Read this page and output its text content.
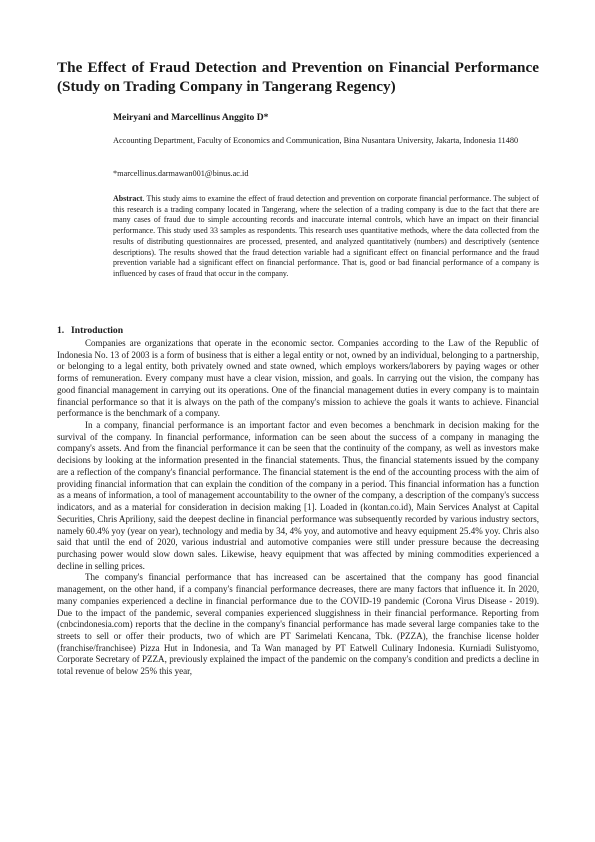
The Effect of Fraud Detection and Prevention on Financial Performance (Study on Trading Company in Tangerang Regency)
Meiryani and Marcellinus Anggito D*
Accounting Department, Faculty of Economics and Communication, Bina Nusantara University, Jakarta, Indonesia 11480
*marcellinus.darmawan001@binus.ac.id

Abstract. This study aims to examine the effect of fraud detection and prevention on corporate financial performance. The subject of this research is a trading company located in Tangerang, where the selection of a trading company is due to the fact that there are many cases of fraud due to simple accounting records and inaccurate internal controls, which have an impact on their financial performance. This study used 33 samples as respondents. This research uses quantitative methods, where the data collected from the results of distributing questionnaires are processed, presented, and analyzed quantitatively (numbers) and descriptively (sentence descriptions). The results showed that the fraud detection variable had a significant effect on financial performance and the fraud prevention variable had a significant effect on financial performance. That is, good or bad financial performance of a company is influenced by cases of fraud that occur in the company.

1. Introduction

Companies are organizations that operate in the economic sector. Companies according to the Law of the Republic of Indonesia No. 13 of 2003 is a form of business that is either a legal entity or not, owned by an individual, belonging to a partnership, or belonging to a legal entity, both privately owned and state owned, which employs workers/laborers by paying wages or other forms of remuneration. Every company must have a clear vision, mission, and goals. In carrying out the vision, the company has good financial management in carrying out its operations. One of the financial management duties in every company is to maintain financial performance so that it is always on the path of the company's mission to achieve the goals it wants to achieve. Financial performance is the benchmark of a company.

In a company, financial performance is an important factor and even becomes a benchmark in decision making for the survival of the company. In financial performance, information can be seen about the success of a company in managing the company's assets. And from the financial performance it can be seen that the continuity of the company, as well as investors make decisions by looking at the information presented in the financial statements. Thus, the financial statements issued by the company are a reflection of the company's financial performance. The financial statement is the end of the accounting process with the aim of providing financial information that can explain the condition of the company in a period. This financial information has a function as a means of information, a tool of management accountability to the owner of the company, a description of the company's success indicators, and as a material for consideration in decision making [1]. Loaded in (kontan.co.id), Main Services Analyst at Capital Securities, Chris Apriliony, said the deepest decline in financial performance was subsequently recorded by various industry sectors, namely 60.4% yoy (year on year), technology and media by 34, 4% yoy, and automotive and heavy equipment 25.4% yoy. Chris also said that until the end of 2020, various industrial and automotive companies were still under pressure because the decreasing purchasing power would slow down sales. Likewise, heavy equipment that was affected by mining commodities experienced a decline in selling prices.

The company's financial performance that has increased can be ascertained that the company has good financial management, on the other hand, if a company's financial performance decreases, there are many factors that influence it. In 2020, many companies experienced a decline in financial performance due to the COVID-19 pandemic (Corona Virus Disease - 2019). Due to the impact of the pandemic, several companies experienced sluggishness in their financial performance. Reporting from (cnbcindonesia.com) reports that the decline in the company's financial performance has made several large companies take to the streets to sell or offer their products, two of which are PT Sarimelati Kencana, Tbk. (PZZA), the franchise license holder (franchise/franchisee) Pizza Hut in Indonesia, and Ta Wan managed by PT Eatwell Culinary Indonesia. Kurniadi Sulistyomo, Corporate Secretary of PZZA, previously explained the impact of the pandemic on the company's condition and predicts a decline in total revenue of below 25% this year,
